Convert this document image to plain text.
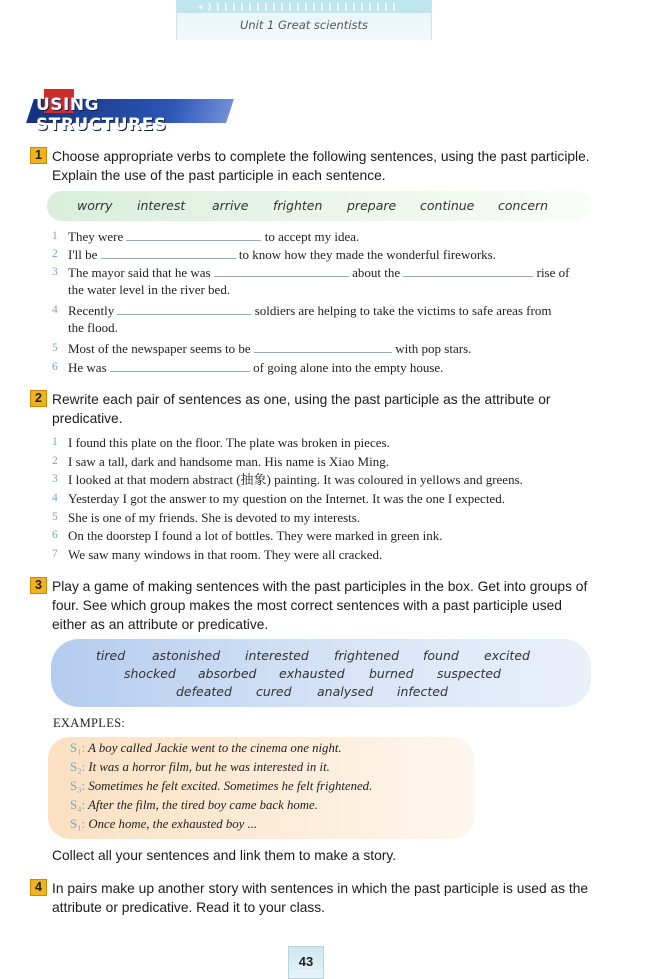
Unit 1 Great scientists
USING STRUCTURES
1 Choose appropriate verbs to complete the following sentences, using the past participle. Explain the use of the past participle in each sentence.
worry interest arrive frighten prepare continue concern
1 They were	to accept my idea.
2 I'll be	to know how they made the wonderful fireworks.
3 The mayor said that he was	about the	rise of
the water level in the river bed.
4 Recently	soldiers are helping to take the victims to safe areas from
the flood.
5 Most of the newspaper seems to be	with pop stars.
6 He was	of going alone into the empty house.
2 Rewrite each pair of sentences as one, using the past participle as the attribute or predicative.
1 I found this plate on the floor. The plate was broken in pieces.
2 I saw a tall, dark and handsome man. His name is Xiao Ming.
3 I looked at that modern abstract (抽象) painting. It was coloured in yellows and greens.
4 Yesterday I got the answer to my question on the Internet. It was the one I expected.
5 She is one of my friends. She is devoted to my interests.
6 On the doorstep I found a lot of bottles. They were marked in green ink.
7 We saw many windows in that room. They were all cracked.
3 Play a game of making sentences with the past participles in the box. Get into groups of four. See which group makes the most correct sentences with a past participle used either as an attribute or predicative.
tired astonished interested frightened found excited
shocked absorbed exhausted burned suspected
defeated cured analysed infected
EXAMPLES:
S₁: A boy called Jackie went to the cinema one night.
S₂: It was a horror film, but he was interested in it.
S₃: Sometimes he felt excited. Sometimes he felt frightened.
S₄: After the film, the tired boy came back home.
S₁: Once home, the exhausted boy ...
Collect all your sentences and link them to make a story.
4 In pairs make up another story with sentences in which the past participle is used as the attribute or predicative. Read it to your class.
43
